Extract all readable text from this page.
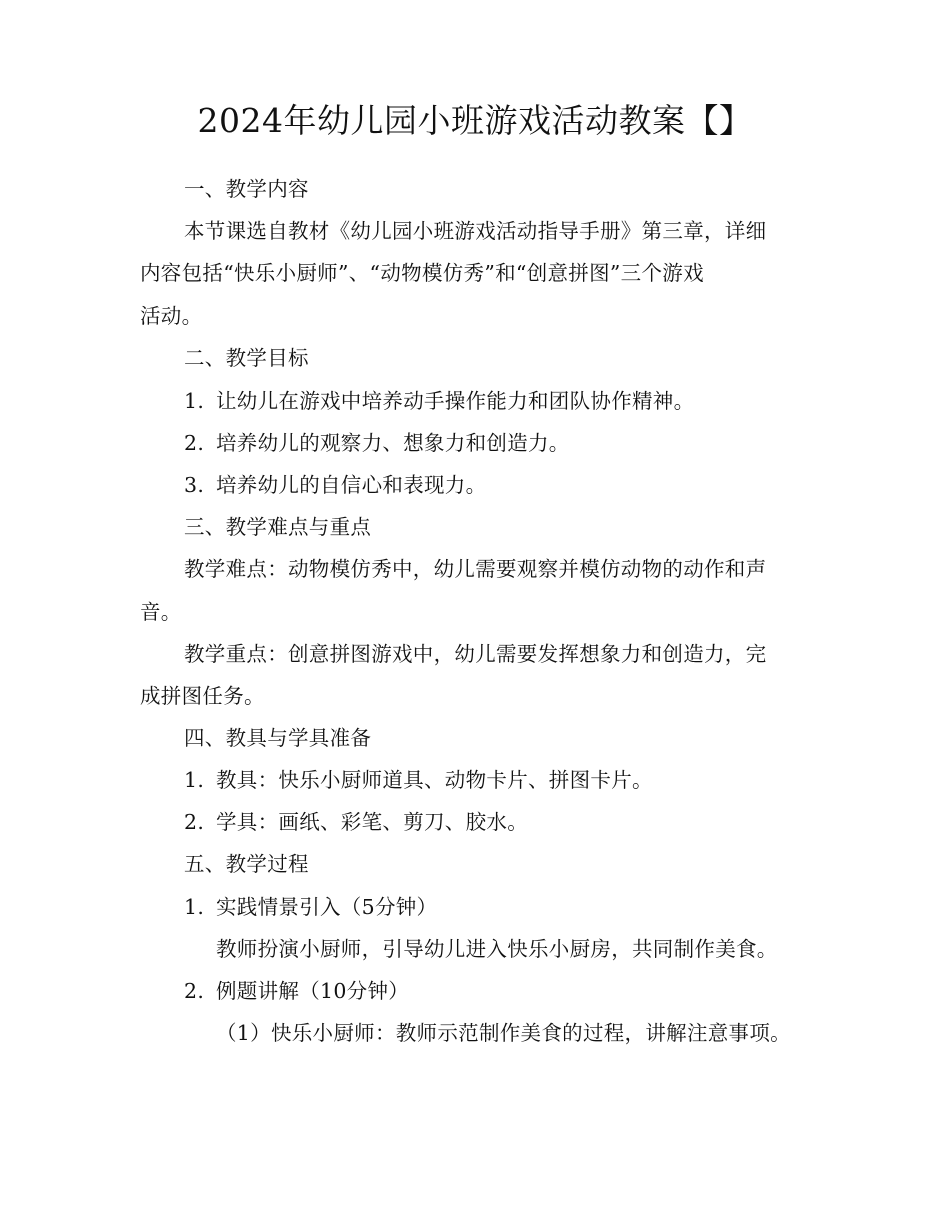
2024年幼儿园小班游戏活动教案【】
一、教学内容
本节课选自教材《幼儿园小班游戏活动指导手册》第三章，详细
内容包括“快乐小厨师”、“动物模仿秀”和“创意拼图”三个游戏
活动。
二、教学目标
1. 让幼儿在游戏中培养动手操作能力和团队协作精神。
2. 培养幼儿的观察力、想象力和创造力。
3. 培养幼儿的自信心和表现力。
三、教学难点与重点
教学难点：动物模仿秀中，幼儿需要观察并模仿动物的动作和声
音。
教学重点：创意拼图游戏中，幼儿需要发挥想象力和创造力，完
成拼图任务。
四、教具与学具准备
1. 教具：快乐小厨师道具、动物卡片、拼图卡片。
2. 学具：画纸、彩笔、剪刀、胶水。
五、教学过程
1. 实践情景引入（5分钟）
教师扮演小厨师，引导幼儿进入快乐小厨房，共同制作美食。
2. 例题讲解（10分钟）
（1）快乐小厨师：教师示范制作美食的过程，讲解注意事项。
